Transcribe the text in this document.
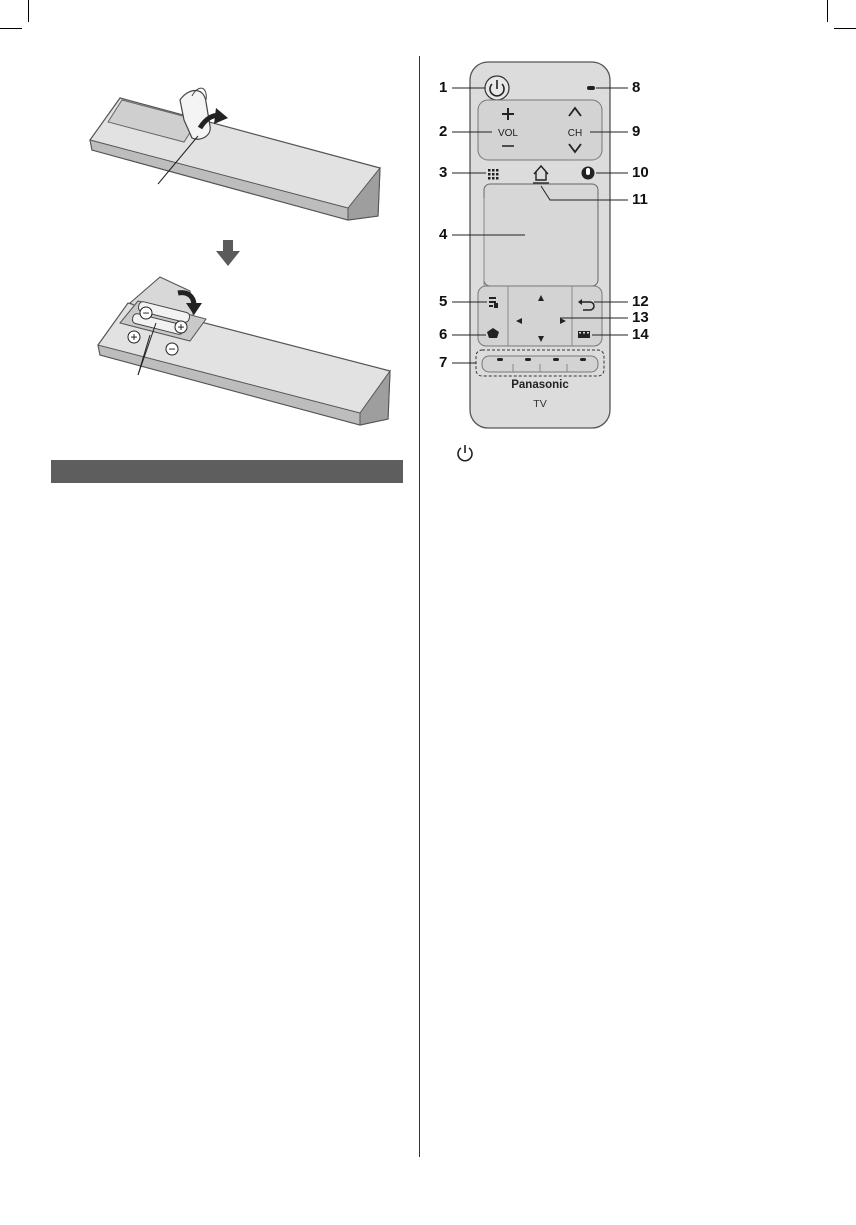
−
+
+
−
VOL	CH
Panasonic
TV
1
2
3
4
5
6
7
8
9
10
11
12
13
14
